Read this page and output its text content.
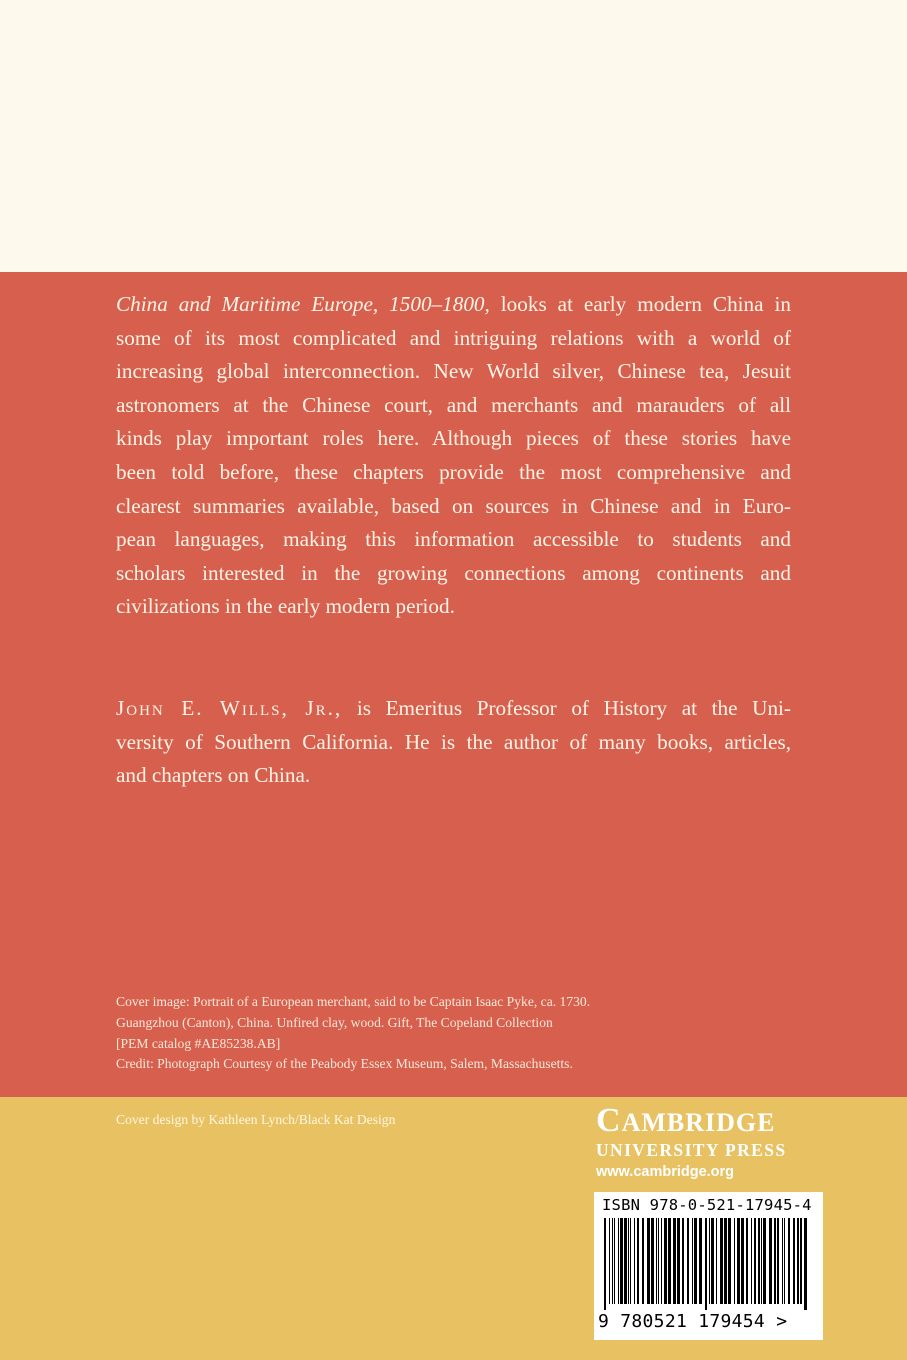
China and Maritime Europe, 1500–1800, looks at early modern China in
some of its most complicated and intriguing relations with a world of
increasing global interconnection. New World silver, Chinese tea, Jesuit
astronomers at the Chinese court, and merchants and marauders of all
kinds play important roles here. Although pieces of these stories have
been told before, these chapters provide the most comprehensive and
clearest summaries available, based on sources in Chinese and in Euro-
pean languages, making this information accessible to students and
scholars interested in the growing connections among continents and
civilizations in the early modern period.
John E. Wills, Jr., is Emeritus Professor of History at the Uni-
versity of Southern California. He is the author of many books, articles,
and chapters on China.
Cover image: Portrait of a European merchant, said to be Captain Isaac Pyke, ca. 1730.
Guangzhou (Canton), China. Unfired clay, wood. Gift, The Copeland Collection
[PEM catalog #AE85238.AB]
Credit: Photograph Courtesy of the Peabody Essex Museum, Salem, Massachusetts.
Cover design by Kathleen Lynch/Black Kat Design	CAMBRIDGE
UNIVERSITY PRESS
www.cambridge.org
ISBN 978-0-521-17945-4
9 780521 179454 >
